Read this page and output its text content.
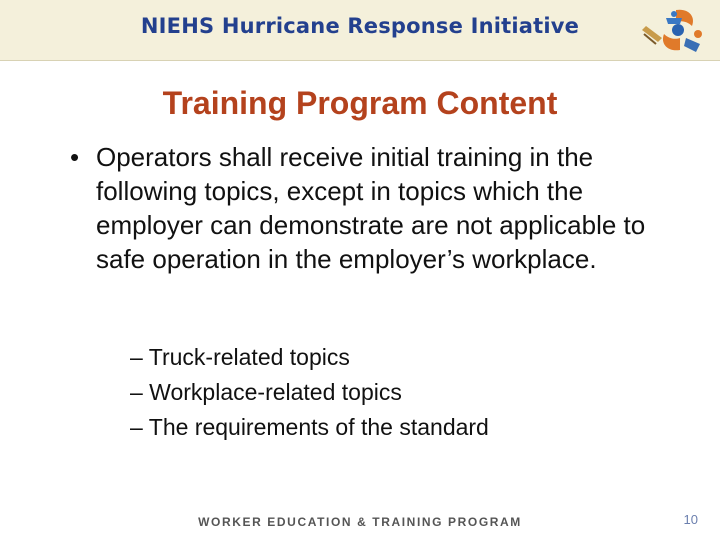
NIEHS Hurricane Response Initiative
Training Program Content
• Operators shall receive initial training in the following topics, except in topics which the employer can demonstrate are not applicable to safe operation in the employer’s workplace.
– Truck-related topics
– Workplace-related topics
– The requirements of the standard
WORKER EDUCATION & TRAINING PROGRAM	10
